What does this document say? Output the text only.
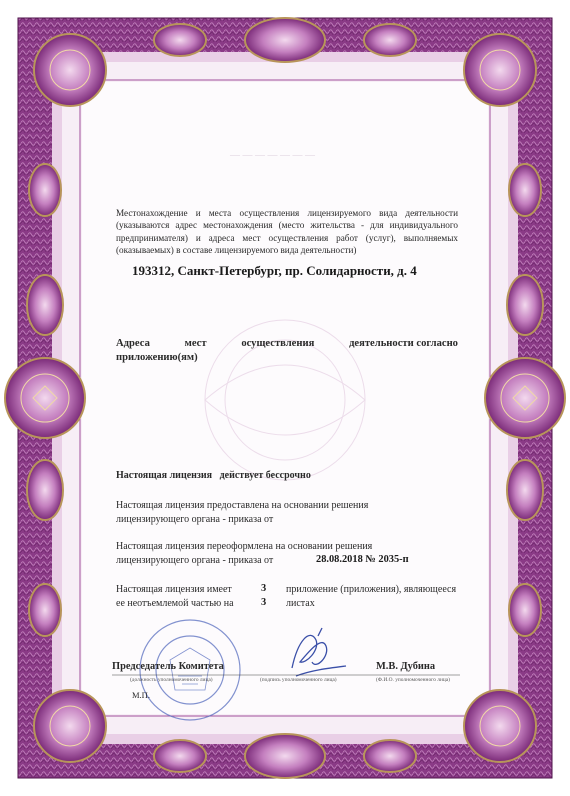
— — — — — — —
Местонахождение и места осуществления лицензируемого вида деятельности (указываются адрес местонахождения (место жительства - для индивидуального предпринимателя) и адреса мест осуществления работ (услуг), выполняемых (оказываемых) в составе лицензируемого вида деятельности)
193312, Санкт-Петербург, пр. Солидарности, д. 4
Адреса	мест	осуществления	деятельности согласно
приложению(ям)
Настоящая лицензия действует бессрочно
Настоящая лицензия предоставлена на основании решения
лицензирующего органа - приказа от
Настоящая лицензия переоформлена на основании решения
лицензирующего органа - приказа от	28.08.2018 № 2035-п
Настоящая лицензия имеет	3 приложение (приложения), являющееся
ее неотъемлемой частью на	3 листах
Председатель Комитета
(должность уполномоченного лица)	(подпись уполномоченного лица)
М.В. Дубина
(Ф.И.О. уполномоченного лица)
М.П.
